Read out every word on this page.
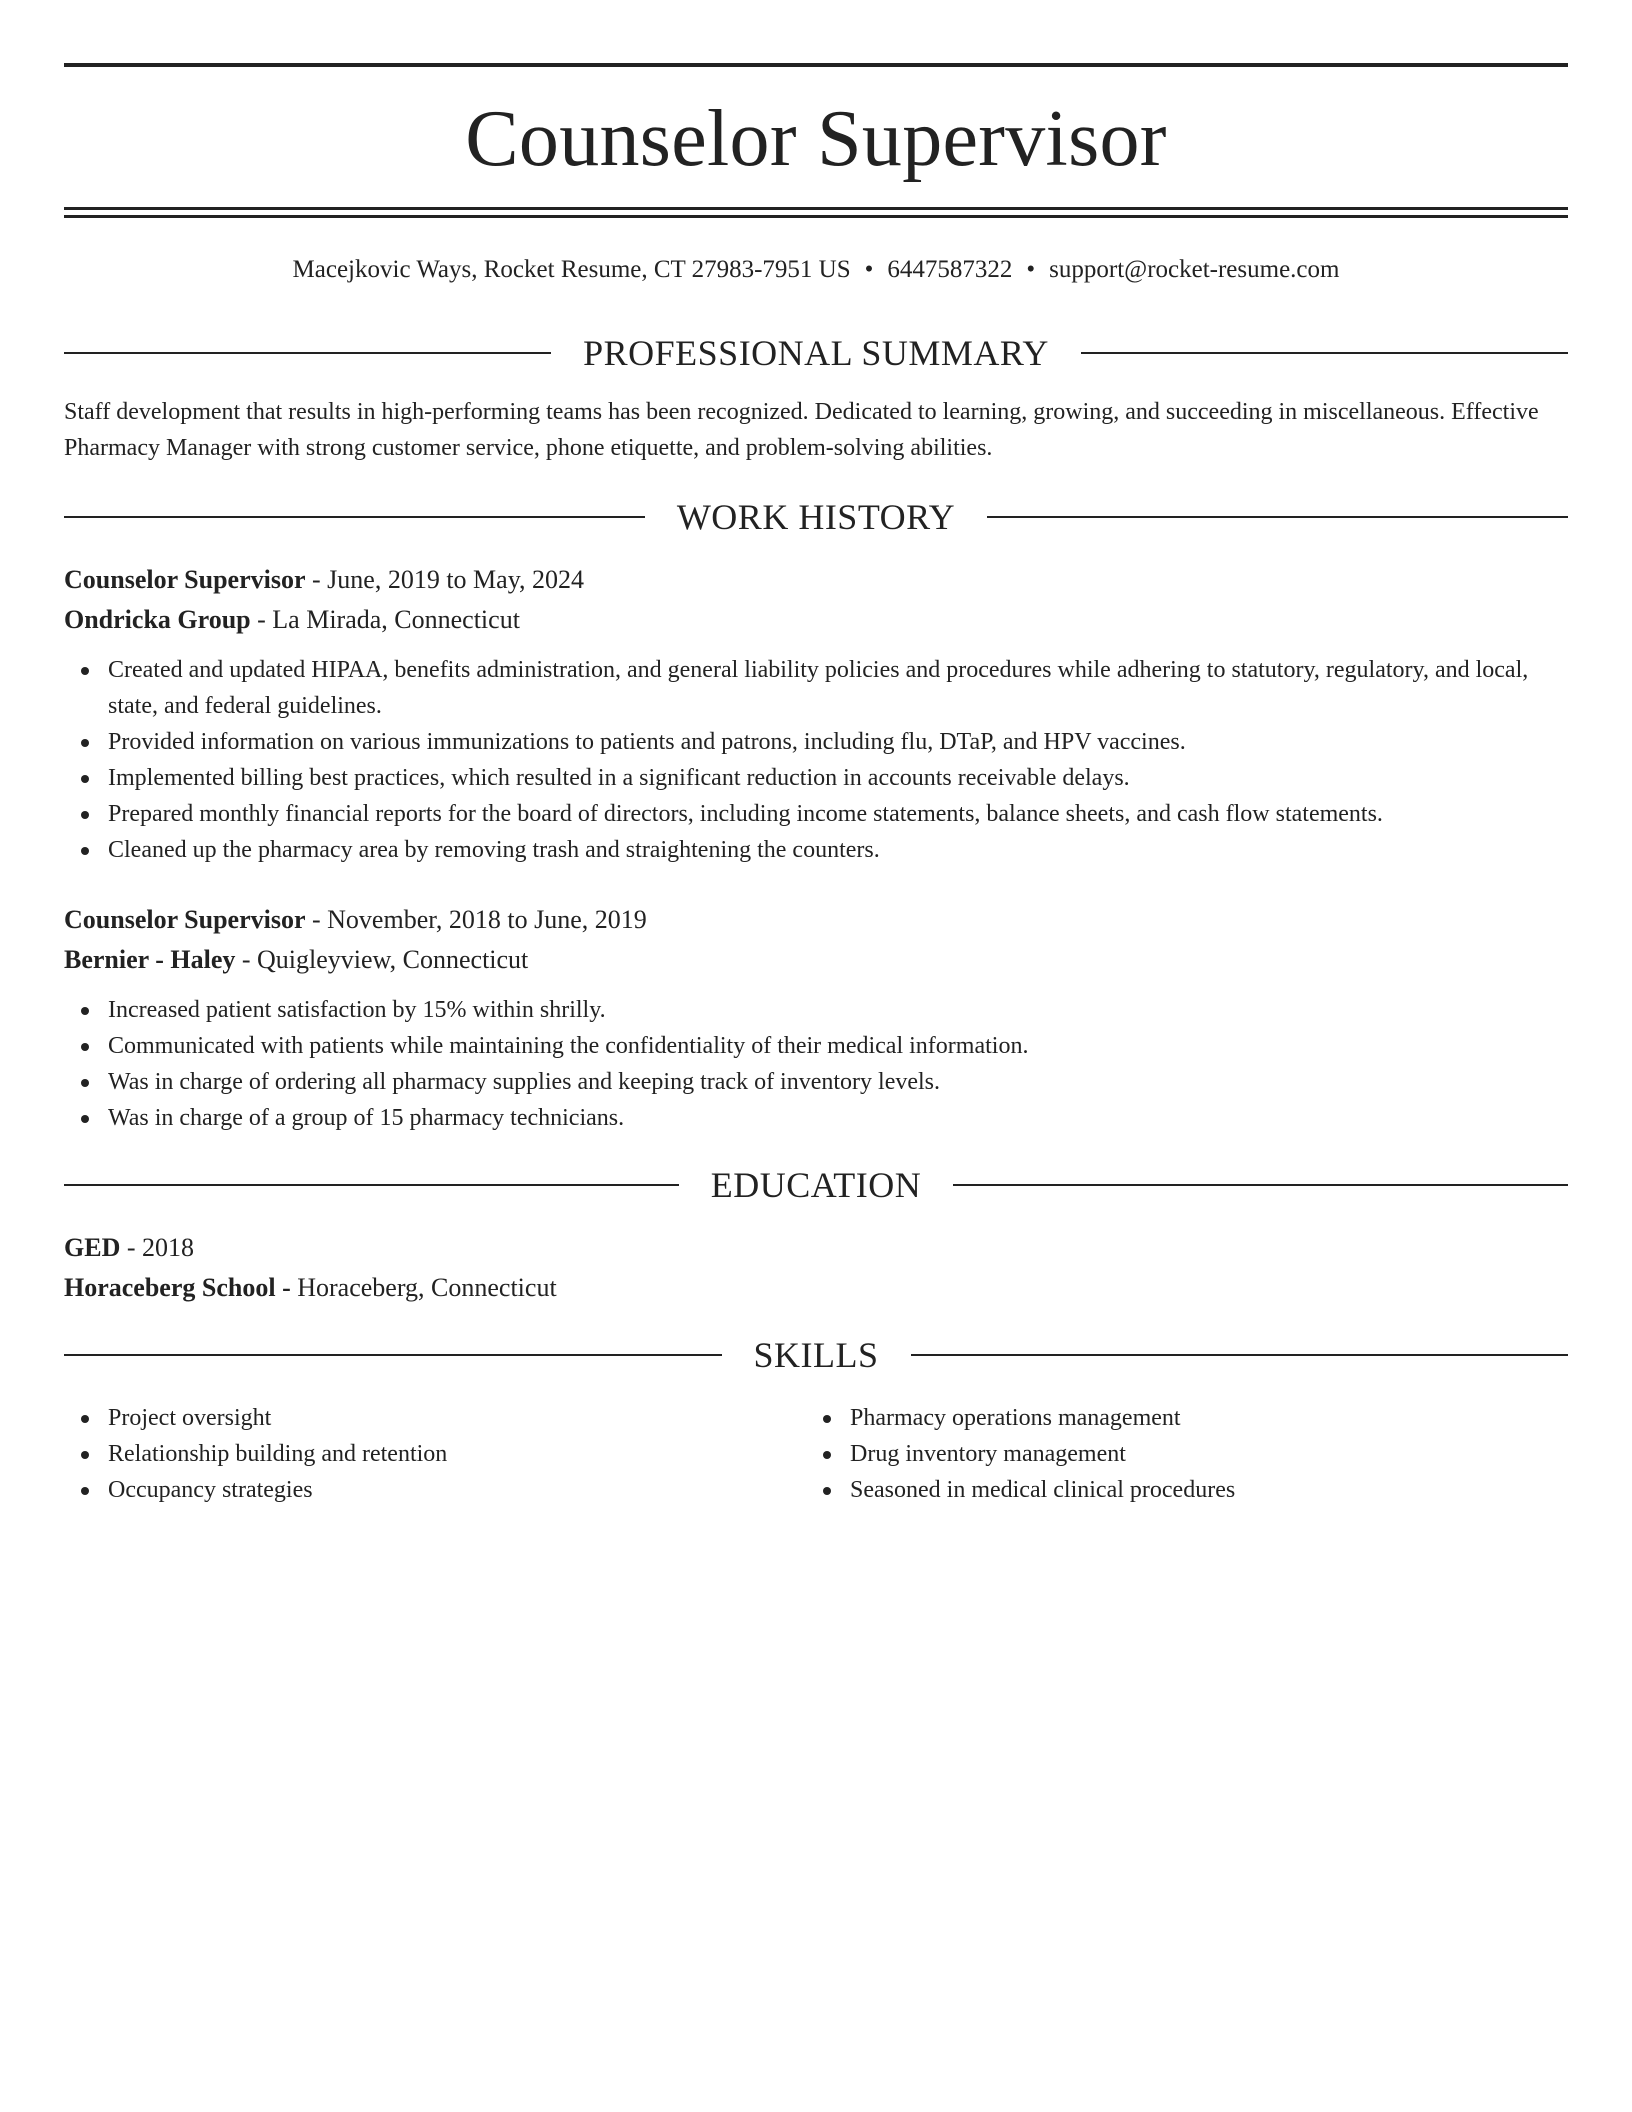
Counselor Supervisor
Macejkovic Ways, Rocket Resume, CT 27983-7951 US • 6447587322 • support@rocket-resume.com
PROFESSIONAL SUMMARY

Staff development that results in high-performing teams has been recognized. Dedicated to learning, growing, and succeeding in miscellaneous. Effective Pharmacy Manager with strong customer service, phone etiquette, and problem-solving abilities.

WORK HISTORY
Counselor Supervisor - June, 2019 to May, 2024
Ondricka Group - La Mirada, Connecticut
Created and updated HIPAA, benefits administration, and general liability policies and procedures while adhering to statutory, regulatory, and local, state, and federal guidelines.
Provided information on various immunizations to patients and patrons, including flu, DTaP, and HPV vaccines.
Implemented billing best practices, which resulted in a significant reduction in accounts receivable delays.
Prepared monthly financial reports for the board of directors, including income statements, balance sheets, and cash flow statements.
Cleaned up the pharmacy area by removing trash and straightening the counters.
Counselor Supervisor - November, 2018 to June, 2019
Bernier - Haley - Quigleyview, Connecticut
Increased patient satisfaction by 15% within shrilly.
Communicated with patients while maintaining the confidentiality of their medical information.
Was in charge of ordering all pharmacy supplies and keeping track of inventory levels.
Was in charge of a group of 15 pharmacy technicians.
EDUCATION
GED - 2018
Horaceberg School - Horaceberg, Connecticut
SKILLS
Project oversight
Relationship building and retention
Occupancy strategies
Pharmacy operations management
Drug inventory management
Seasoned in medical clinical procedures
